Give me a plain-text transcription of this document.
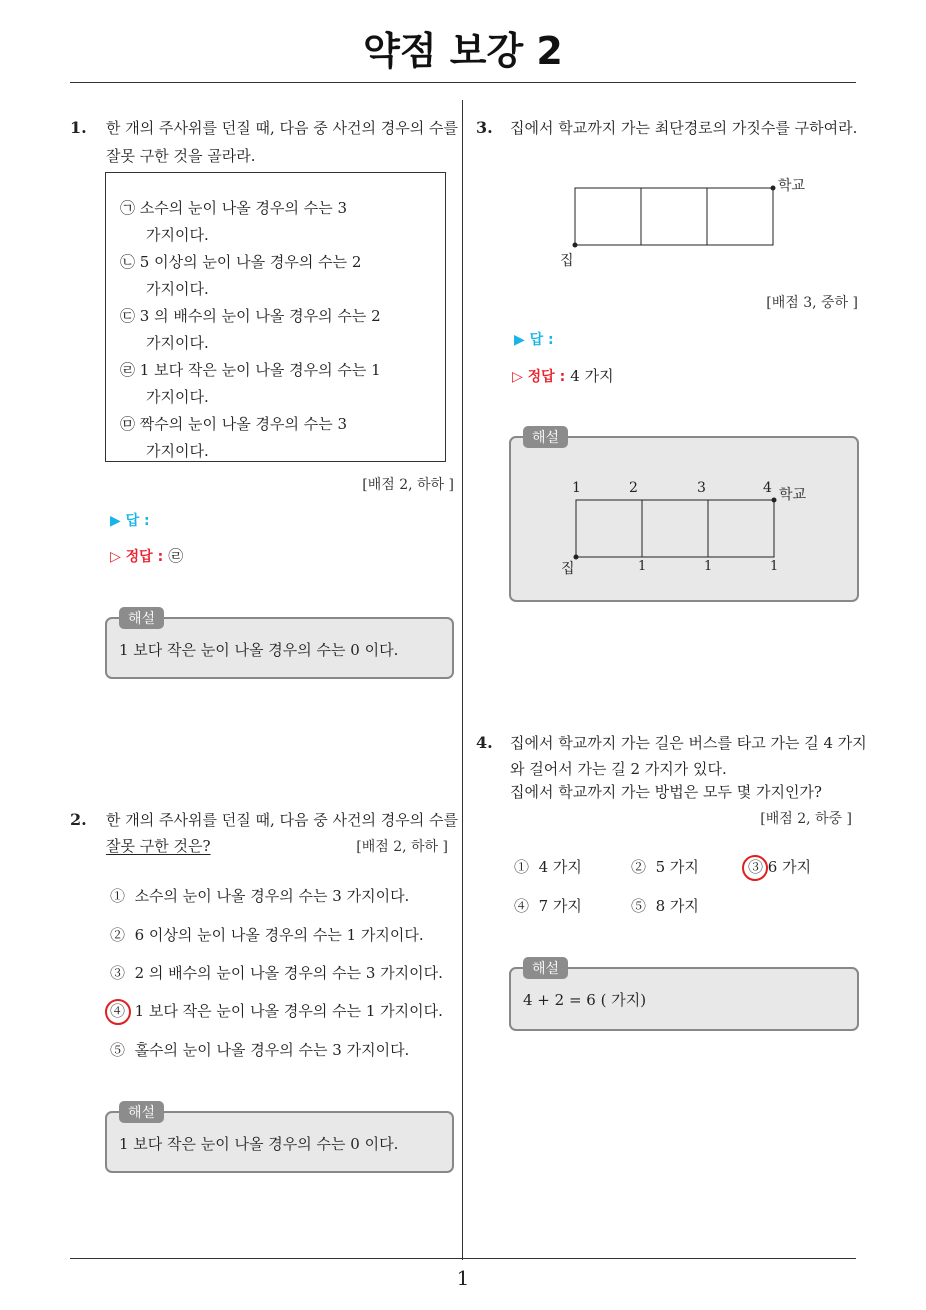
약점 보강 2
1
1. 한 개의 주사위를 던질 때, 다음 중 사건의 경우의 수를
잘못 구한 것을 골라라.
㉠ 소수의 눈이 나올 경우의 수는 3
가지이다.
㉡ 5 이상의 눈이 나올 경우의 수는 2
가지이다.
㉢ 3 의 배수의 눈이 나올 경우의 수는 2
가지이다.
㉣ 1 보다 작은 눈이 나올 경우의 수는 1
가지이다.
㉤ 짝수의 눈이 나올 경우의 수는 3
가지이다.
[배점 2, 하하 ]
▶ 답 :
▷ 정답 : ㉣
해설
1 보다 작은 눈이 나올 경우의 수는 0 이다.
2. 한 개의 주사위를 던질 때, 다음 중 사건의 경우의 수를
잘못 구한 것은?	[배점 2, 하하 ]
① 소수의 눈이 나올 경우의 수는 3 가지이다.
② 6 이상의 눈이 나올 경우의 수는 1 가지이다.
③ 2 의 배수의 눈이 나올 경우의 수는 3 가지이다.
④ 1 보다 작은 눈이 나올 경우의 수는 1 가지이다.
⑤ 홀수의 눈이 나올 경우의 수는 3 가지이다.
해설
1 보다 작은 눈이 나올 경우의 수는 0 이다.
3. 집에서 학교까지 가는 최단경로의 가짓수를 구하여라.
학교
집
[배점 3, 중하 ]
▶ 답 :
▷ 정답 : 4 가지
해설
1	2	3	4 학교
집	1	1	1
4. 집에서 학교까지 가는 길은 버스를 타고 가는 길 4 가지
와 걸어서 가는 길 2 가지가 있다.
집에서 학교까지 가는 방법은 모두 몇 가지인가?
[배점 2, 하중 ]
① 4 가지	② 5 가지	③ 6 가지
④ 7 가지	⑤ 8 가지
해설
4 + 2 = 6 ( 가지)
